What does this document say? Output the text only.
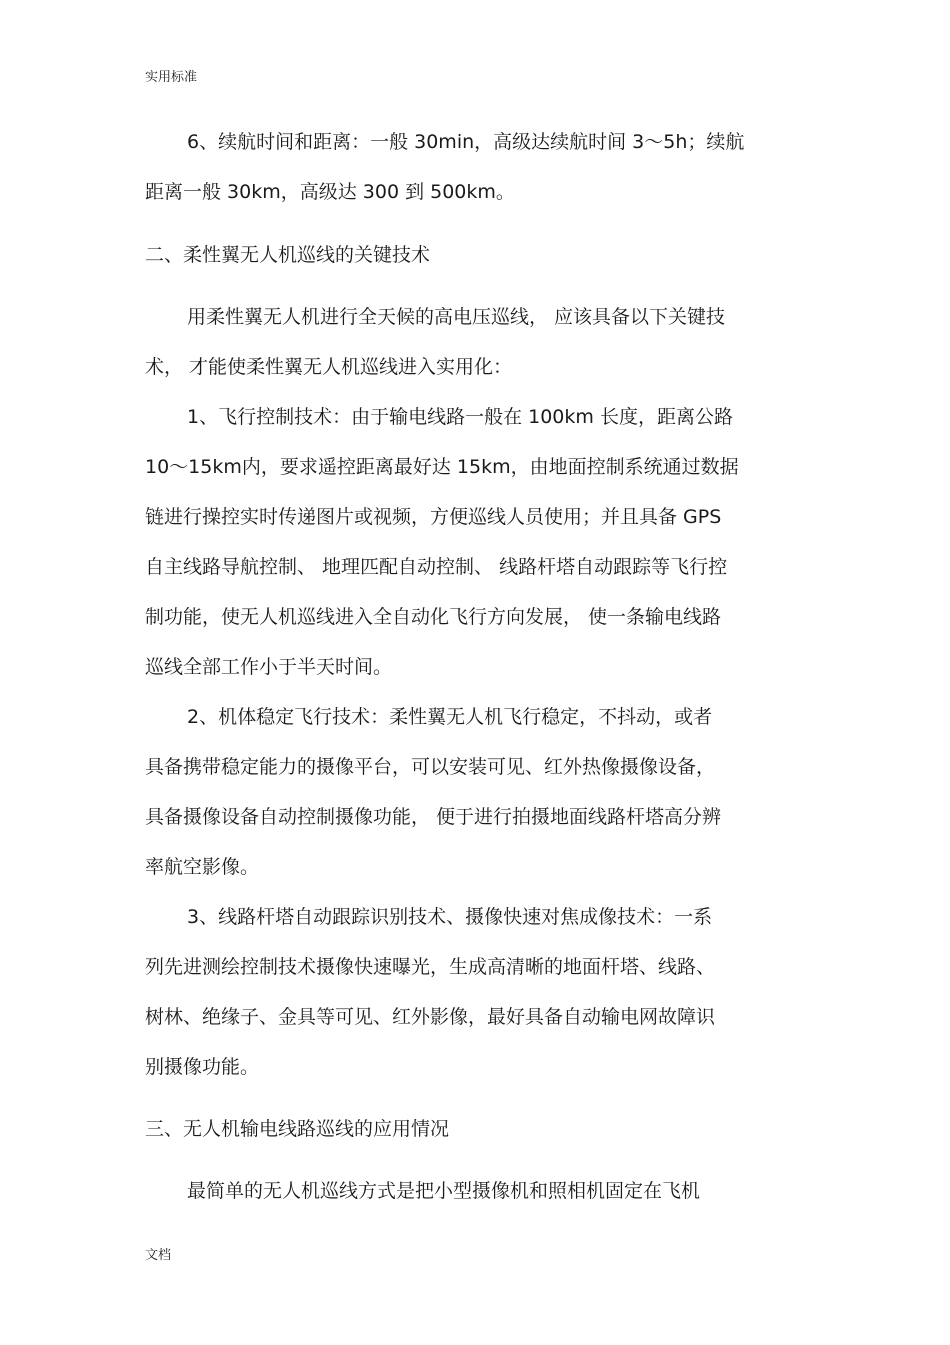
实用标准
6、续航时间和距离：一般 30min，高级达续航时间 3～5h；续航
距离一般 30km，高级达 300 到 500km。
二、柔性翼无人机巡线的关键技术
用柔性翼无人机进行全天候的高电压巡线， 应该具备以下关键技
术， 才能使柔性翼无人机巡线进入实用化：
1、飞行控制技术：由于输电线路一般在 100km 长度，距离公路
10～15km内，要求遥控距离最好达 15km，由地面控制系统通过数据
链进行操控实时传递图片或视频，方便巡线人员使用；并且具备 GPS
自主线路导航控制、 地理匹配自动控制、 线路杆塔自动跟踪等飞行控
制功能，使无人机巡线进入全自动化飞行方向发展， 使一条输电线路
巡线全部工作小于半天时间。
2、机体稳定飞行技术：柔性翼无人机飞行稳定，不抖动，或者
具备携带稳定能力的摄像平台，可以安装可见、红外热像摄像设备，
具备摄像设备自动控制摄像功能， 便于进行拍摄地面线路杆塔高分辨
率航空影像。
3、线路杆塔自动跟踪识别技术、摄像快速对焦成像技术：一系
列先进测绘控制技术摄像快速曝光，生成高清晰的地面杆塔、线路、
树林、绝缘子、金具等可见、红外影像，最好具备自动输电网故障识
别摄像功能。
三、无人机输电线路巡线的应用情况
最简单的无人机巡线方式是把小型摄像机和照相机固定在飞机
文档
